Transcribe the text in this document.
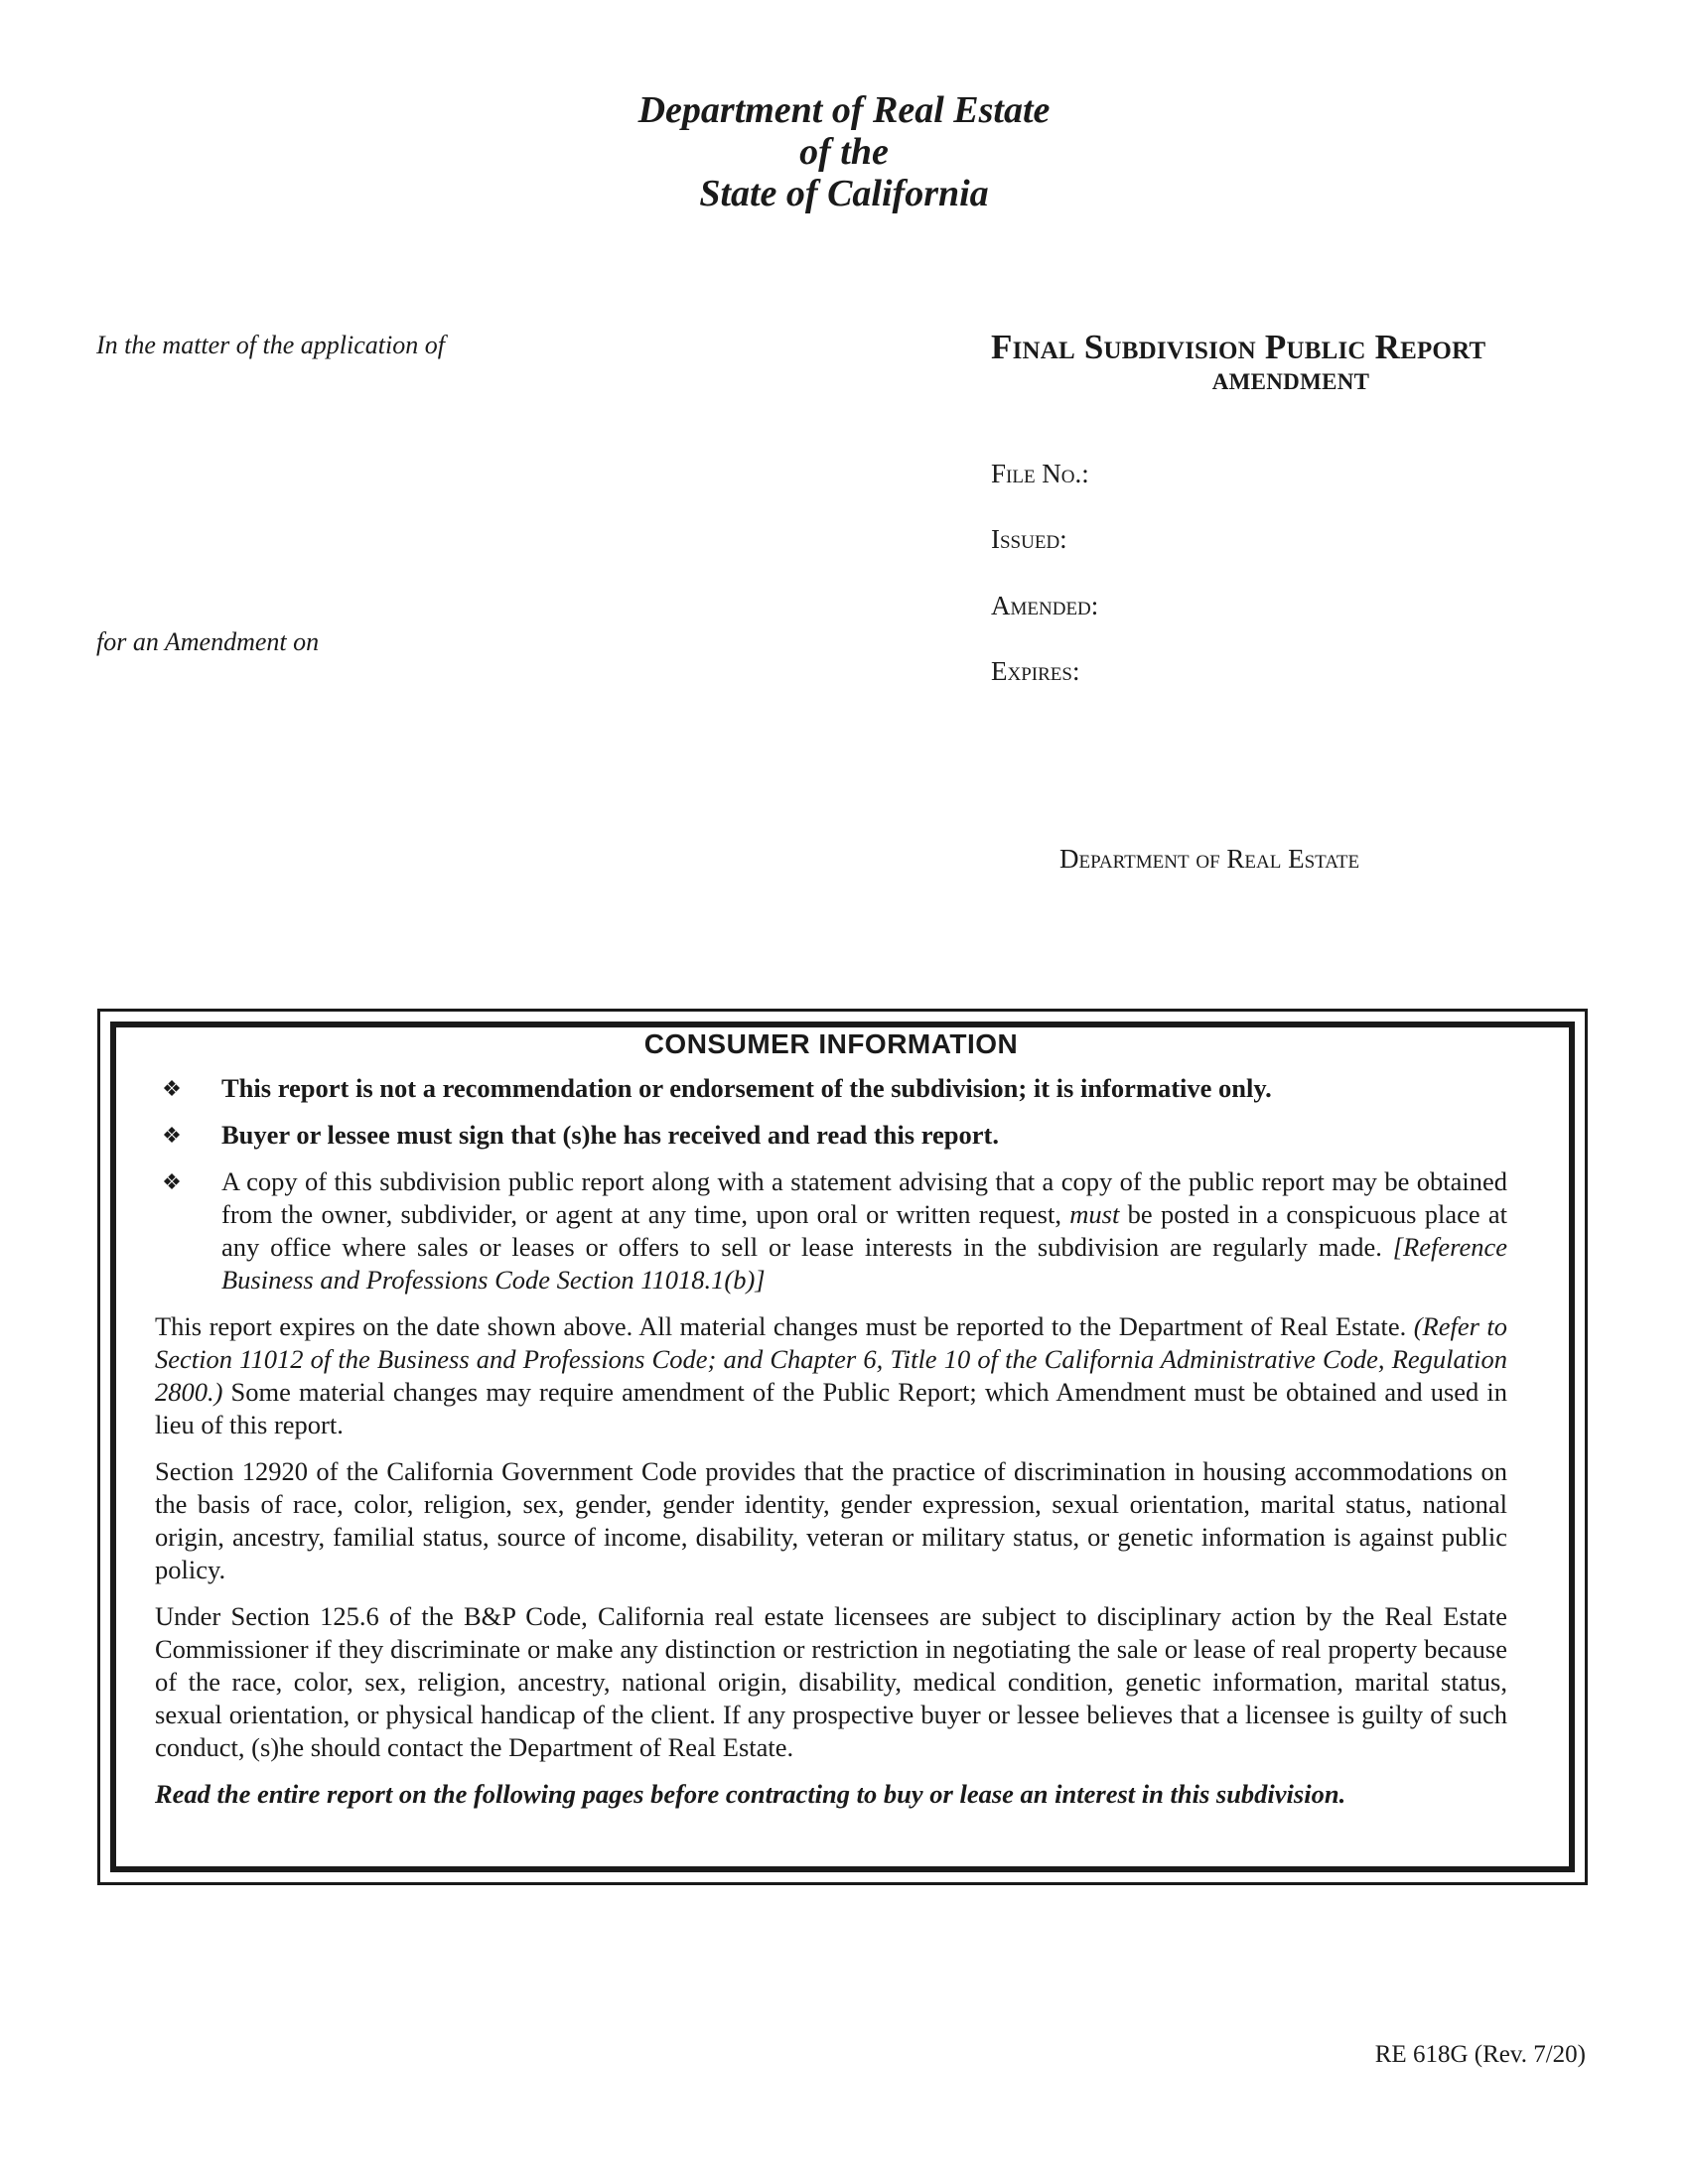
Department of Real Estate
of the
State of California
In the matter of the application of
for an Amendment on
Final Subdivision Public Report
AMENDMENT
File No.:
Issued:
Amended:
Expires:
Department of Real Estate
CONSUMER INFORMATION
❖ This report is not a recommendation or endorsement of the subdivision; it is informative only.
❖ Buyer or lessee must sign that (s)he has received and read this report.
❖ A copy of this subdivision public report along with a statement advising that a copy of the public report may be obtained from the owner, subdivider, or agent at any time, upon oral or written request, must be posted in a conspicuous place at any office where sales or leases or offers to sell or lease interests in the subdivision are regularly made. [Reference Business and Professions Code Section 11018.1(b)]
This report expires on the date shown above. All material changes must be reported to the Department of Real Estate. (Refer to Section 11012 of the Business and Professions Code; and Chapter 6, Title 10 of the California Administrative Code, Regulation 2800.) Some material changes may require amendment of the Public Report; which Amendment must be obtained and used in lieu of this report.
Section 12920 of the California Government Code provides that the practice of discrimination in housing accommodations on the basis of race, color, religion, sex, gender, gender identity, gender expression, sexual orientation, marital status, national origin, ancestry, familial status, source of income, disability, veteran or military status, or genetic information is against public policy.
Under Section 125.6 of the B&P Code, California real estate licensees are subject to disciplinary action by the Real Estate Commissioner if they discriminate or make any distinction or restriction in negotiating the sale or lease of real property because of the race, color, sex, religion, ancestry, national origin, disability, medical condition, genetic information, marital status, sexual orientation, or physical handicap of the client. If any prospective buyer or lessee believes that a licensee is guilty of such conduct, (s)he should contact the Department of Real Estate.
Read the entire report on the following pages before contracting to buy or lease an interest in this subdivision.
RE 618G (Rev. 7/20)
